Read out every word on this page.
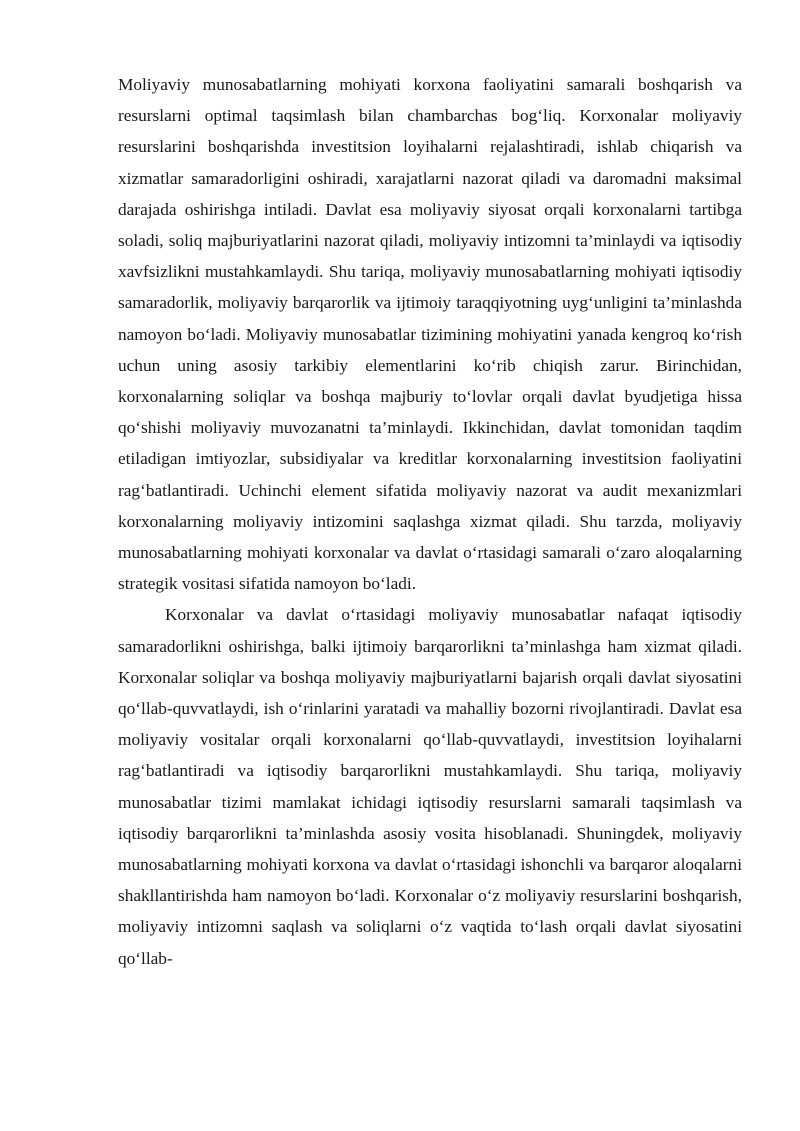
Moliyaviy munosabatlarning mohiyati korxona faoliyatini samarali boshqarish va resurslarni optimal taqsimlash bilan chambarchas bog‘liq. Korxonalar moliyaviy resurslarini boshqarishda investitsion loyihalarni rejalashtiradi, ishlab chiqarish va xizmatlar samaradorligini oshiradi, xarajatlarni nazorat qiladi va daromadni maksimal darajada oshirishga intiladi. Davlat esa moliyaviy siyosat orqali korxonalarni tartibga soladi, soliq majburiyatlarini nazorat qiladi, moliyaviy intizomni ta’minlaydi va iqtisodiy xavfsizlikni mustahkamlaydi. Shu tariqa, moliyaviy munosabatlarning mohiyati iqtisodiy samaradorlik, moliyaviy barqarorlik va ijtimoiy taraqqiyotning uyg‘unligini ta’minlashda namoyon bo‘ladi. Moliyaviy munosabatlar tizimining mohiyatini yanada kengroq ko‘rish uchun uning asosiy tarkibiy elementlarini ko‘rib chiqish zarur. Birinchidan, korxonalarning soliqlar va boshqa majburiy to‘lovlar orqali davlat byudjetiga hissa qo‘shishi moliyaviy muvozanatni ta’minlaydi. Ikkinchidan, davlat tomonidan taqdim etiladigan imtiyozlar, subsidiyalar va kreditlar korxonalarning investitsion faoliyatini rag‘batlantiradi. Uchinchi element sifatida moliyaviy nazorat va audit mexanizmlari korxonalarning moliyaviy intizomini saqlashga xizmat qiladi. Shu tarzda, moliyaviy munosabatlarning mohiyati korxonalar va davlat o‘rtasidagi samarali o‘zaro aloqalarning strategik vositasi sifatida namoyon bo‘ladi.

Korxonalar va davlat o‘rtasidagi moliyaviy munosabatlar nafaqat iqtisodiy samaradorlikni oshirishga, balki ijtimoiy barqarorlikni ta’minlashga ham xizmat qiladi. Korxonalar soliqlar va boshqa moliyaviy majburiyatlarni bajarish orqali davlat siyosatini qo‘llab-quvvatlaydi, ish o‘rinlarini yaratadi va mahalliy bozorni rivojlantiradi. Davlat esa moliyaviy vositalar orqali korxonalarni qo‘llab-quvvatlaydi, investitsion loyihalarni rag‘batlantiradi va iqtisodiy barqarorlikni mustahkamlaydi. Shu tariqa, moliyaviy munosabatlar tizimi mamlakat ichidagi iqtisodiy resurslarni samarali taqsimlash va iqtisodiy barqarorlikni ta’minlashda asosiy vosita hisoblanadi. Shuningdek, moliyaviy munosabatlarning mohiyati korxona va davlat o‘rtasidagi ishonchli va barqaror aloqalarni shakllantirishda ham namoyon bo‘ladi. Korxonalar o‘z moliyaviy resurslarini boshqarish, moliyaviy intizomni saqlash va soliqlarni o‘z vaqtida to‘lash orqali davlat siyosatini qo‘llab-
